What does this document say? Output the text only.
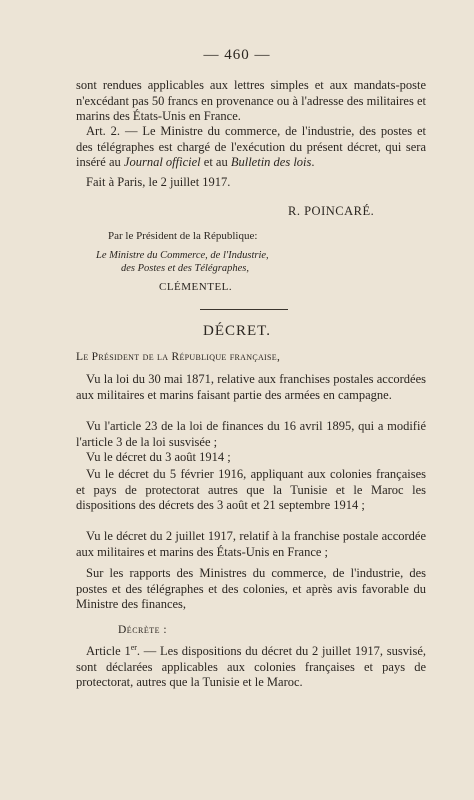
— 460 —
sont rendues applicables aux lettres simples et aux mandats-poste n'excédant pas 50 francs en provenance ou à l'adresse des militaires et marins des États-Unis en France.
Art. 2. — Le Ministre du commerce, de l'industrie, des postes et des télégraphes est chargé de l'exécution du présent décret, qui sera inséré au Journal officiel et au Bulletin des lois.
Fait à Paris, le 2 juillet 1917.
R. POINCARÉ.
Par le Président de la République:
Le Ministre du Commerce, de l'Industrie,
des Postes et des Télégraphes,
CLÉMENTEL.
DÉCRET.
Le Président de la République française,
Vu la loi du 30 mai 1871, relative aux franchises postales accordées aux militaires et marins faisant partie des armées en campagne.
Vu l'article 23 de la loi de finances du 16 avril 1895, qui a modifié l'article 3 de la loi susvisée ;
Vu le décret du 3 août 1914 ;
Vu le décret du 5 février 1916, appliquant aux colonies françaises et pays de protectorat autres que la Tunisie et le Maroc les dispositions des décrets des 3 août et 21 septembre 1914 ;
Vu le décret du 2 juillet 1917, relatif à la franchise postale accordée aux militaires et marins des États-Unis en France ;
Sur les rapports des Ministres du commerce, de l'industrie, des postes et des télégraphes et des colonies, et après avis favorable du Ministre des finances,
Décrète :
Article 1er. — Les dispositions du décret du 2 juillet 1917, susvisé, sont déclarées applicables aux colonies françaises et pays de protectorat, autres que la Tunisie et le Maroc.
